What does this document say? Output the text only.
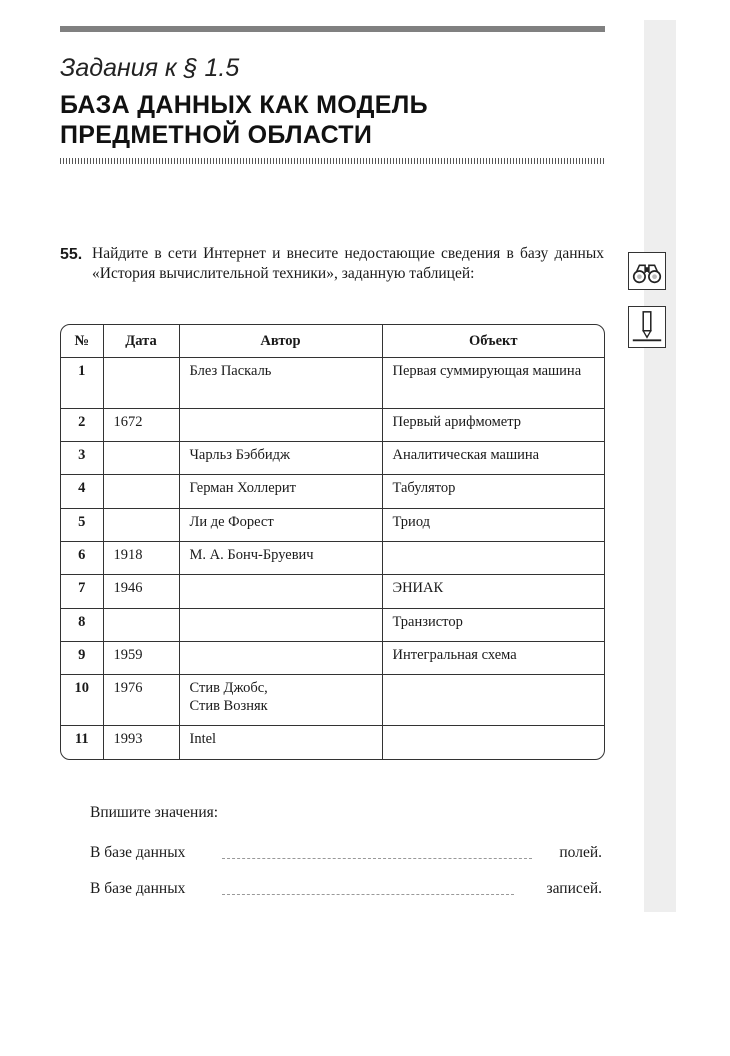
Задания к § 1.5
БАЗА ДАННЫХ КАК МОДЕЛЬ
ПРЕДМЕТНОЙ ОБЛАСТИ
55. Найдите в сети Интернет и внесите недостающие сведения в базу данных «История вычислительной техники», заданную таблицей:
№	Дата	Автор	Объект
1		Блез Паскаль	Первая суммирующая машина
2	1672		Первый арифмометр
3		Чарльз Бэббидж	Аналитическая машина
4		Герман Холлерит	Табулятор
5		Ли де Форест	Триод
6	1918	М. А. Бонч-Бруевич	
7	1946		ЭНИАК
8			Транзистор
9	1959		Интегральная схема
10	1976	Стив Джобс,
Стив Возняк	
11	1993	Intel	
Впишите значения:
В базе данных	полей.
В базе данных	записей.
